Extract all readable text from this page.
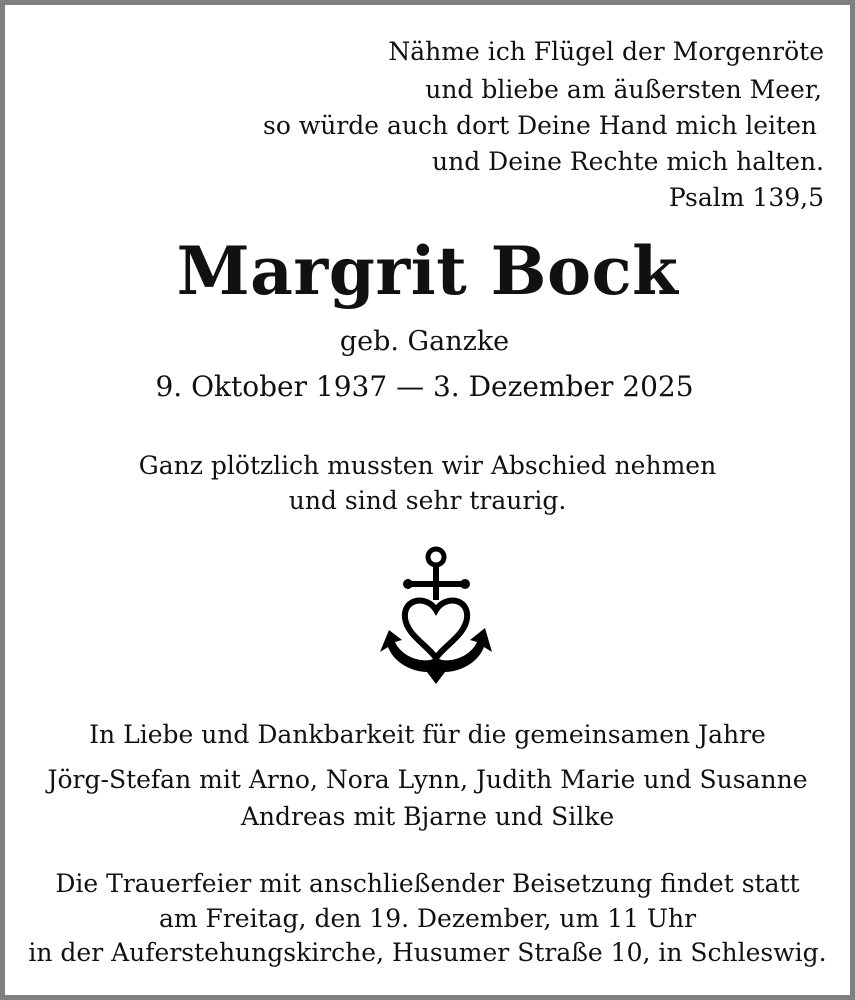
Nähme ich Flügel der Morgenröte
und bliebe am äußersten Meer,
so würde auch dort Deine Hand mich leiten
und Deine Rechte mich halten.
Psalm 139,5
Margrit Bock
geb. Ganzke
9. Oktober 1937 — 3. Dezember 2025
Ganz plötzlich mussten wir Abschied nehmen
und sind sehr traurig.
In Liebe und Dankbarkeit für die gemeinsamen Jahre
Jörg-Stefan mit Arno, Nora Lynn, Judith Marie und Susanne
Andreas mit Bjarne und Silke
Die Trauerfeier mit anschließender Beisetzung findet statt
am Freitag, den 19. Dezember, um 11 Uhr
in der Auferstehungskirche, Husumer Straße 10, in Schleswig.
